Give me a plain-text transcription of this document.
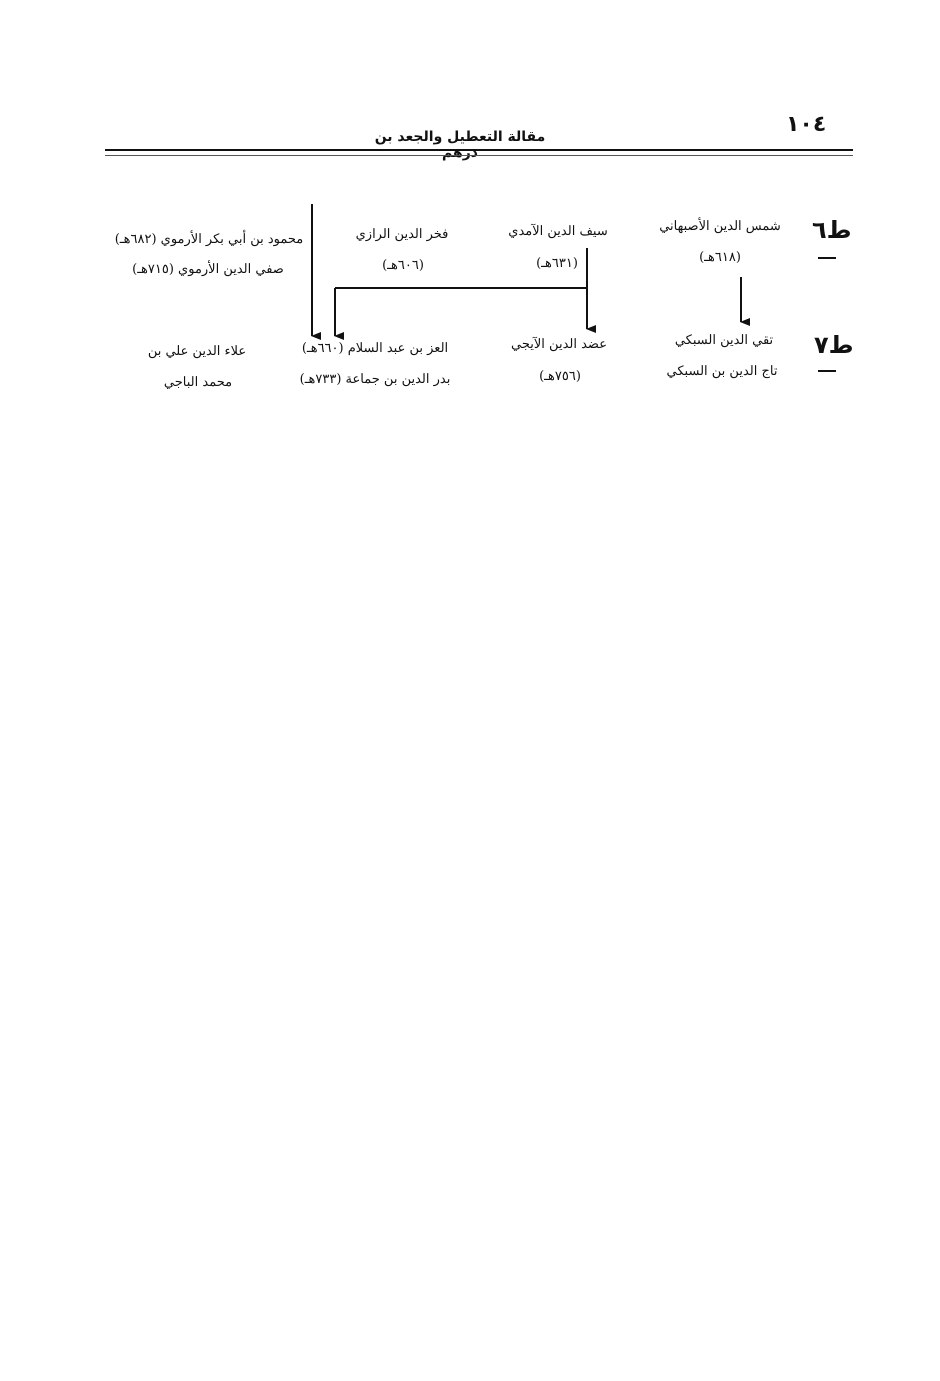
١٠٤
مقالة التعطيل والجعد بن درهم
ط٦
شمس الدين الأصبهاني
(٦١٨هـ)
سيف الدين الآمدي
(٦٣١هـ)
فخر الدين الرازي
(٦٠٦هـ)
محمود بن أبي بكر الأرموي (٦٨٢هـ)
صفي الدين الأرموي (٧١٥هـ)
ط٧
تقي الدين السبكي
تاج الدين بن السبكي
عضد الدين الآيجي
(٧٥٦هـ)
العز بن عبد السلام (٦٦٠هـ)
بدر الدين بن جماعة (٧٣٣هـ)
علاء الدين علي بن
محمد الباجي
